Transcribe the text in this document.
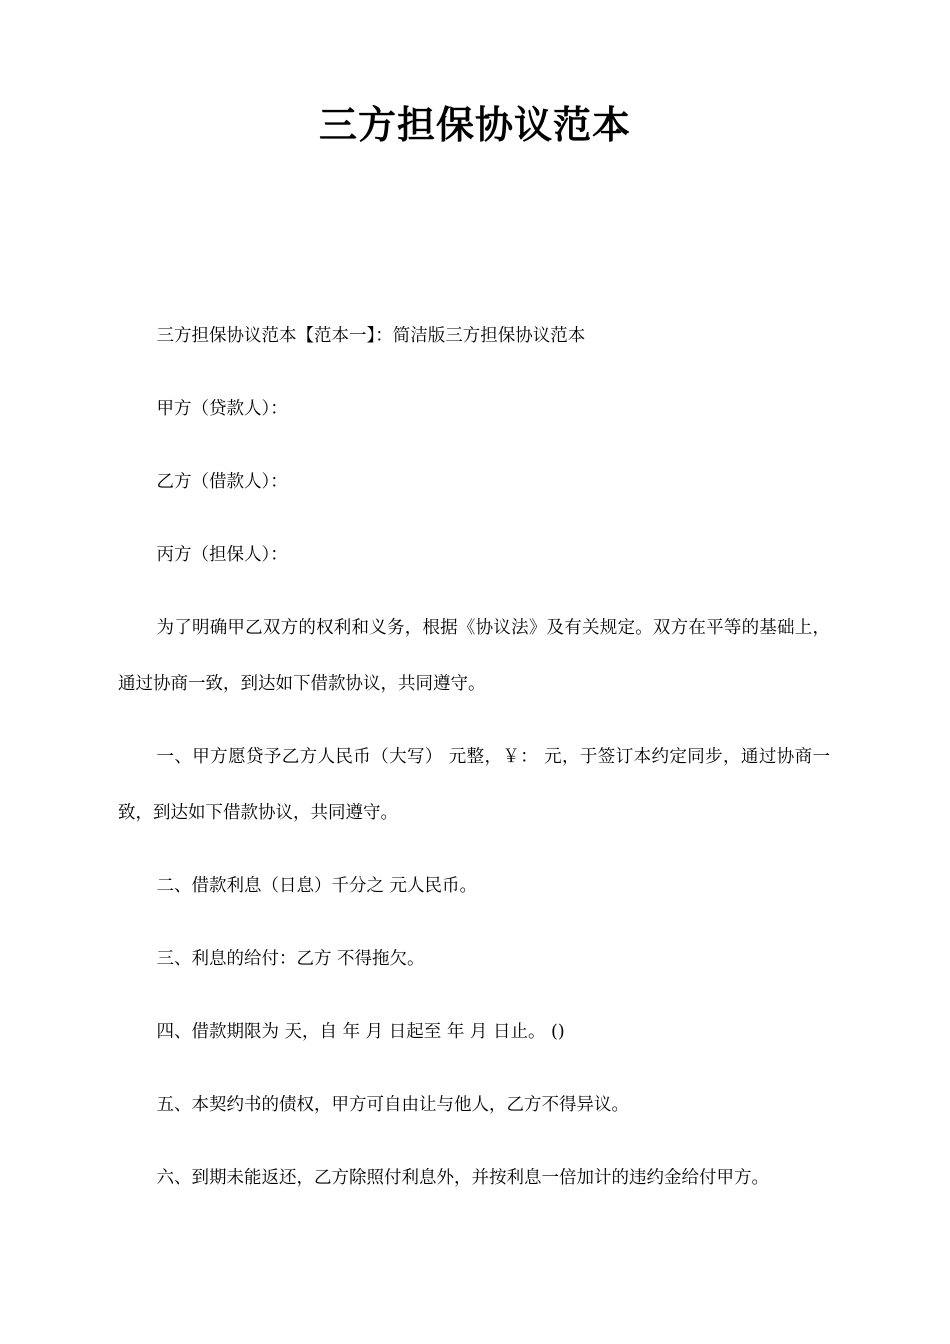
三方担保协议范本

三方担保协议范本【范本一】：简洁版三方担保协议范本

甲方（贷款人）：

乙方（借款人）：

丙方（担保人）：

为了明确甲乙双方的权利和义务，根据《协议法》及有关规定。双方在平等的基础上，通过协商一致，到达如下借款协议，共同遵守。

一、甲方愿贷予乙方人民币（大写） 元整，￥： 元，于签订本约定同步，通过协商一致，到达如下借款协议，共同遵守。

二、借款利息（日息）千分之 元人民币。

三、利息的给付：乙方 不得拖欠。

四、借款期限为 天，自 年 月 日起至 年 月 日止。 ()

五、本契约书的债权，甲方可自由让与他人，乙方不得异议。

六、到期未能返还，乙方除照付利息外，并按利息一倍加计的违约金给付甲方。
